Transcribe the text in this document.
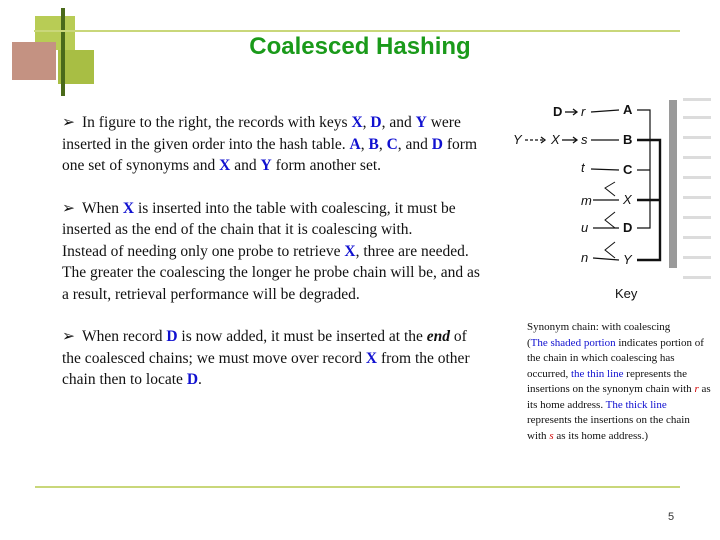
Coalesced Hashing

➢ In figure to the right, the records with keys X, D, and Y were inserted in the given order into the hash table. A, B, C, and D form one set of synonyms and X and Y form another set.

➢ When X is inserted into the table with coalescing, it must be inserted as the end of the chain that it is coalescing with.

Instead of needing only one probe to retrieve X, three are needed. The greater the coalescing the longer he probe chain will be, and as a result, retrieval performance will be degraded.

➢ When record D is now added, it must be inserted at the end of the coalesced chains; we must move over record X from the other chain then to locate D.

D r
Y X s
t
m
u
n
A
B
C
X
D
Y
Key
Synonym chain: with coalescing
(The shaded portion indicates portion of the chain in which coalescing has occurred, the thin line represents the insertions on the synonym chain with r as its home address. The thick line represents the insertions on the chain with s as its home address.)
5
